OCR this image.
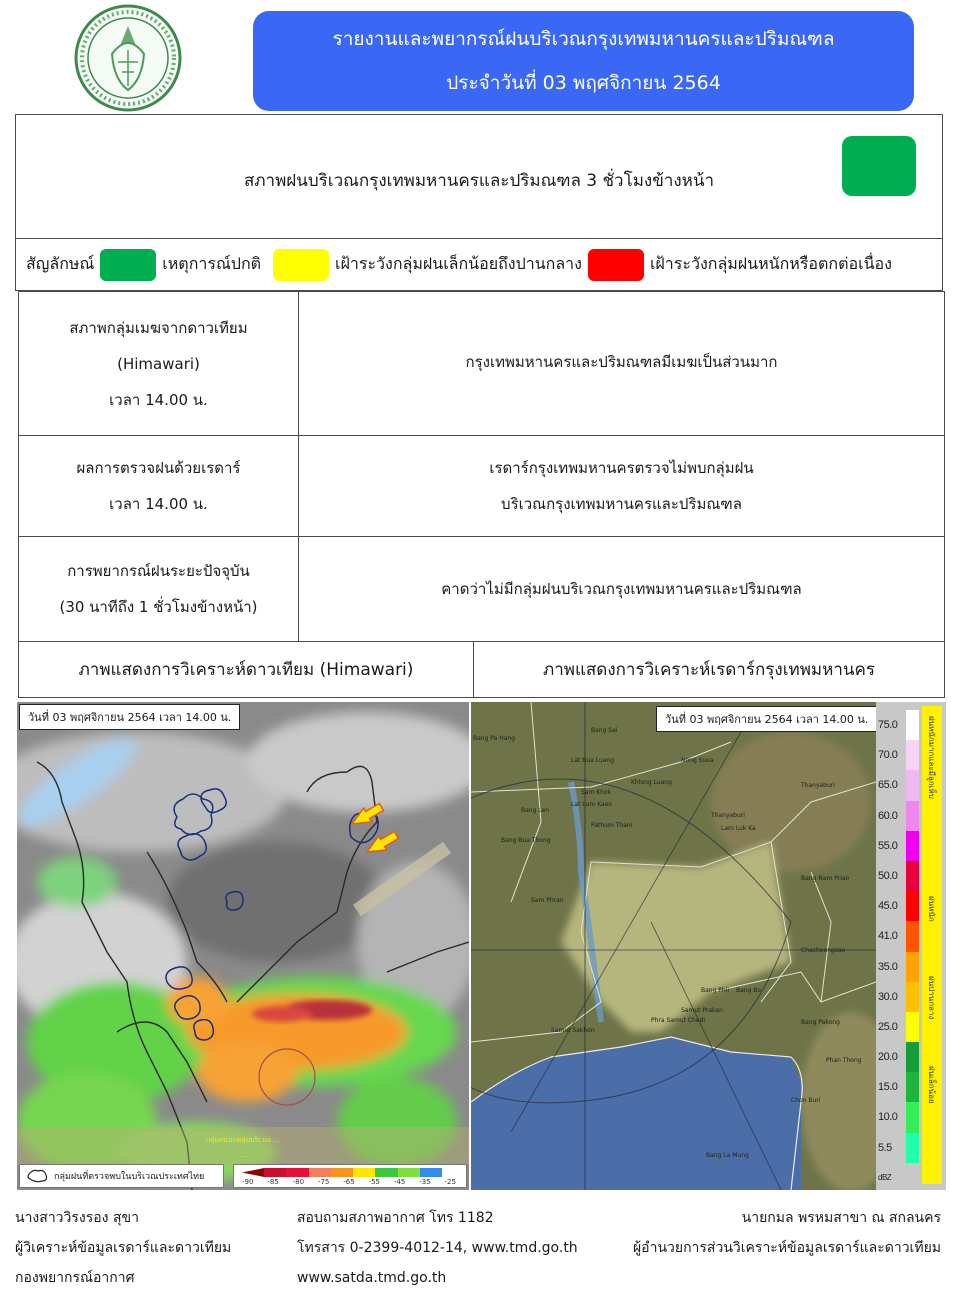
รายงานและพยากรณ์ฝนบริเวณกรุงเทพมหานครและปริมณฑล
ประจำวันที่ 03 พฤศจิกายน 2564
สภาพฝนบริเวณกรุงเทพมหานครและปริมณฑล 3 ชั่วโมงข้างหน้า
สัญลักษณ์	เหตุการณ์ปกติ	เฝ้าระวังกลุ่มฝนเล็กน้อยถึงปานกลาง	เฝ้าระวังกลุ่มฝนหนักหรือตกต่อเนื่อง
สภาพกลุ่มเมฆจากดาวเทียม
(Himawari)
เวลา 14.00 น.	กรุงเทพมหานครและปริมณฑลมีเมฆเป็นส่วนมาก

ผลการตรวจฝนด้วยเรดาร์
เวลา 14.00 น.

เรดาร์กรุงเทพมหานครตรวจไม่พบกลุ่มฝน
บริเวณกรุงเทพมหานครและปริมณฑล

การพยากรณ์ฝนระยะปัจจุบัน
(30 นาทีถึง 1 ชั่วโมงข้างหน้า)	คาดว่าไม่มีกลุ่มฝนบริเวณกรุงเทพมหานครและปริมณฑล
ภาพแสดงการวิเคราะห์ดาวเทียม (Himawari)	ภาพแสดงการวิเคราะห์เรดาร์กรุงเทพมหานคร
กลุ่มฝนปกคลุมบริเวณ ...
...
วันที่ 03 พฤศจิกายน 2564 เวลา 14.00 น.
กลุ่มฝนที่ตรวจพบในบริเวณประเทศไทย	-90 -85 -80 -75 -65 -55 -45 -35 -25
Bang Pa Hang
Bang Sai
Lat Bua Luang	Nong Suea
Khlong Luang	Thanyaburi
Sam Khok
Lat Lum Kaeo
Bang Len
Thanyaburi
Pathum Thani	Lam Luk Ka
Bang Bua Thong
Bang Nam Priao
Sam Phran
Chachoengsao
Bang Phli Bang Bo
Samut Prakan
Phra Samut Chedi	Bang Pakong
Samut Sakhon
Phan Thong
Chon Buri
Bang La Mung
วันที่ 03 พฤศจิกายน 2564 เวลา 14.00 น. 75.0
70.0
65.0
60.0
55.0
50.0
45.0
41.0
35.0
30.0
25.0
20.0
15.0
10.0
5.5
dBZ
ฝนหนักมากและมีลูกเห็บ
ฝนหนัก
ฝนปานกลาง
ฝนเล็กน้อย
นางสาววิรงรอง สุขา
ผู้วิเคราะห์ข้อมูลเรดาร์และดาวเทียม
กองพยากรณ์อากาศ
สอบถามสภาพอากาศ โทร 1182
โทรสาร 0-2399-4012-14, www.tmd.go.th
www.satda.tmd.go.th
นายกมล พรหมสาขา ณ สกลนคร
ผู้อำนวยการส่วนวิเคราะห์ข้อมูลเรดาร์และดาวเทียม
